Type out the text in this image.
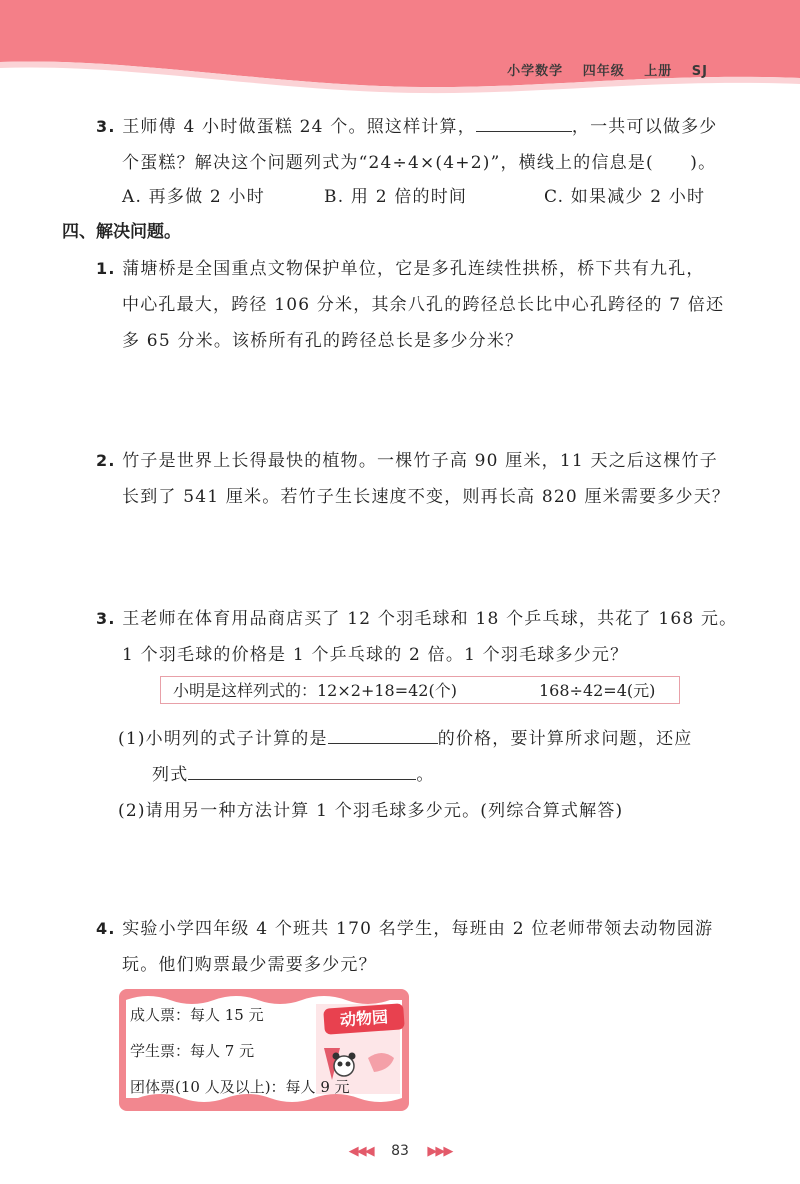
小学数学 四年级 上册 SJ
3. 王师傅 4 小时做蛋糕 24 个。照这样计算，	，一共可以做多少
个蛋糕？解决这个问题列式为“24÷4×(4+2)”，横线上的信息是(　　)。
A. 再多做 2 小时	B. 用 2 倍的时间	C. 如果减少 2 小时
四、解决问题。
1. 蒲塘桥是全国重点文物保护单位，它是多孔连续性拱桥，桥下共有九孔，
中心孔最大，跨径 106 分米，其余八孔的跨径总长比中心孔跨径的 7 倍还
多 65 分米。该桥所有孔的跨径总长是多少分米？
2. 竹子是世界上长得最快的植物。一棵竹子高 90 厘米，11 天之后这棵竹子
长到了 541 厘米。若竹子生长速度不变，则再长高 820 厘米需要多少天？
3. 王老师在体育用品商店买了 12 个羽毛球和 18 个乒乓球，共花了 168 元。
1 个羽毛球的价格是 1 个乒乓球的 2 倍。1 个羽毛球多少元？
小明是这样列式的：12×2+18=42(个)	168÷42=4(元)
(1)小明列的式子计算的是	的价格，要计算所求问题，还应
列式	。
(2)请用另一种方法计算 1 个羽毛球多少元。(列综合算式解答)
4. 实验小学四年级 4 个班共 170 名学生，每班由 2 位老师带领去动物园游
玩。他们购票最少需要多少元？
动物园
成人票：每人 15 元
学生票：每人 7 元
团体票(10 人及以上)：每人 9 元
◀◀◀ 83 ▶▶▶
